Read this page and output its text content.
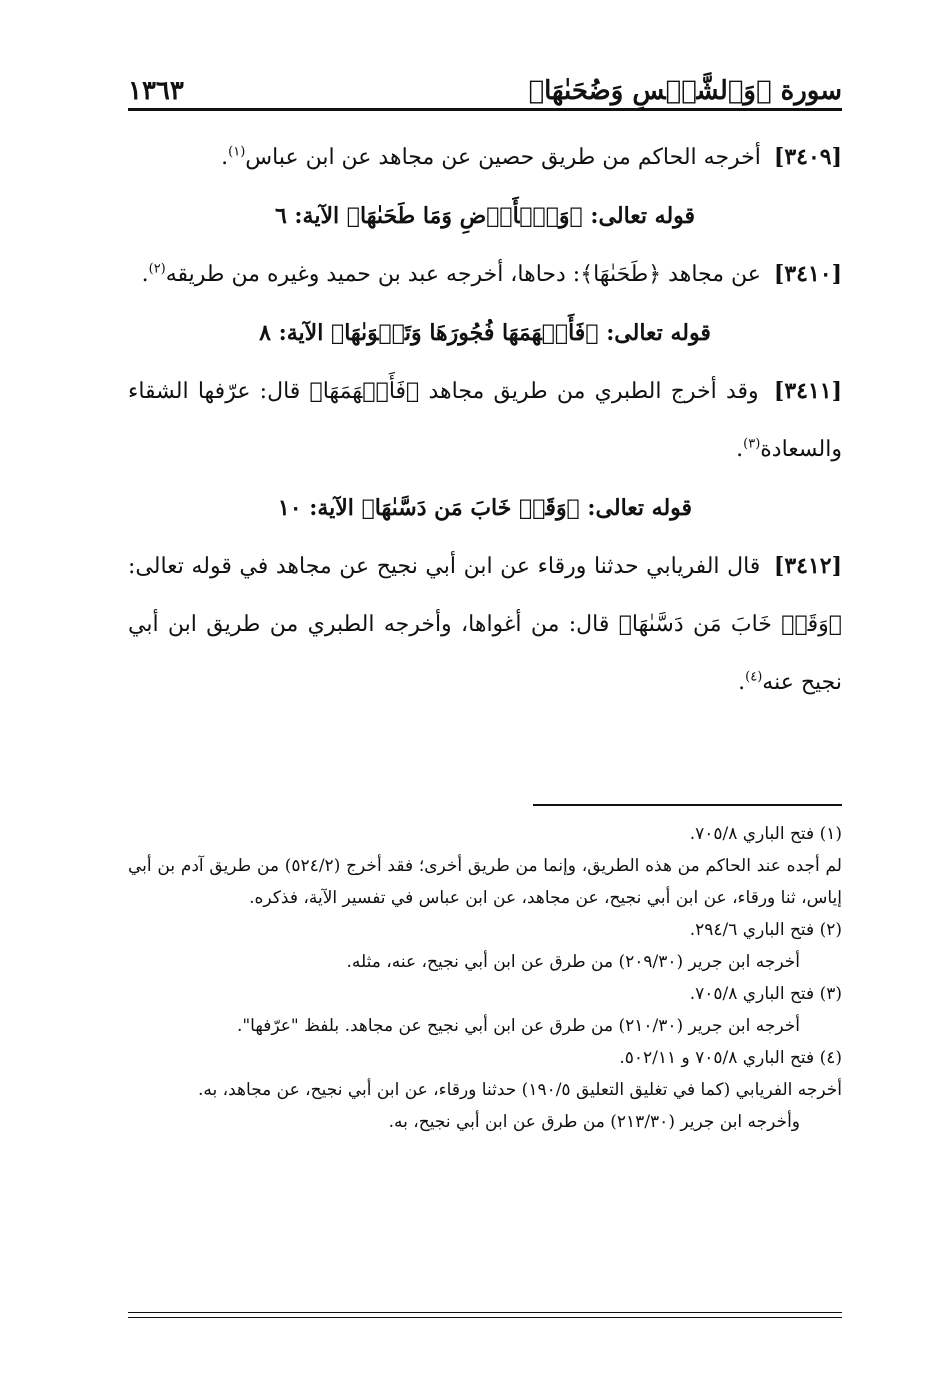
سورة ﴿وَٱلشَّمۡسِ وَضُحَىٰهَا﴾
١٣٦٣

[٣٤٠٩] أخرجه الحاكم من طريق حصين عن مجاهد عن ابن عباس$^{(١)}$.

قوله تعالى: ﴿وَٱلۡأَرۡضِ وَمَا طَحَىٰهَا﴾ الآية: ٦

[٣٤١٠] عن مجاهد ﴿طَحَىٰهَا﴾: دحاها، أخرجه عبد بن حميد وغيره من طريقه$^{(٢)}$.

قوله تعالى: ﴿فَأَلۡهَمَهَا فُجُورَهَا وَتَقۡوَىٰهَا﴾ الآية: ٨

[٣٤١١] وقد أخرج الطبري من طريق مجاهد ﴿فَأَلۡهَمَهَا﴾ قال: عرّفها الشقاء والسعادة$^{(٣)}$.

قوله تعالى: ﴿وَقَدۡ خَابَ مَن دَسَّىٰهَا﴾ الآية: ١٠

[٣٤١٢] قال الفريابي حدثنا ورقاء عن ابن أبي نجيح عن مجاهد في قوله تعالى: ﴿وَقَدۡ خَابَ مَن دَسَّىٰهَا﴾ قال: من أغواها، وأخرجه الطبري من طريق ابن أبي نجيح عنه$^{(٤)}$.

(١) فتح الباري ٧٠٥/٨.

لم أجده عند الحاكم من هذه الطريق، وإنما من طريق أخرى؛ فقد أخرج (٥٢٤/٢) من طريق آدم بن أبي إياس، ثنا ورقاء، عن ابن أبي نجيح، عن مجاهد، عن ابن عباس في تفسير الآية، فذكره.

(٢) فتح الباري ٢٩٤/٦.

أخرجه ابن جرير (٢٠٩/٣٠) من طرق عن ابن أبي نجيح، عنه، مثله.

(٣) فتح الباري ٧٠٥/٨.

أخرجه ابن جرير (٢١٠/٣٠) من طرق عن ابن أبي نجيح عن مجاهد. بلفظ "عرّفها".

(٤) فتح الباري ٧٠٥/٨ و ٥٠٢/١١.

أخرجه الفريابي (كما في تغليق التعليق ١٩٠/٥) حدثنا ورقاء، عن ابن أبي نجيح، عن مجاهد، به.

وأخرجه ابن جرير (٢١٣/٣٠) من طرق عن ابن أبي نجيح، به.
